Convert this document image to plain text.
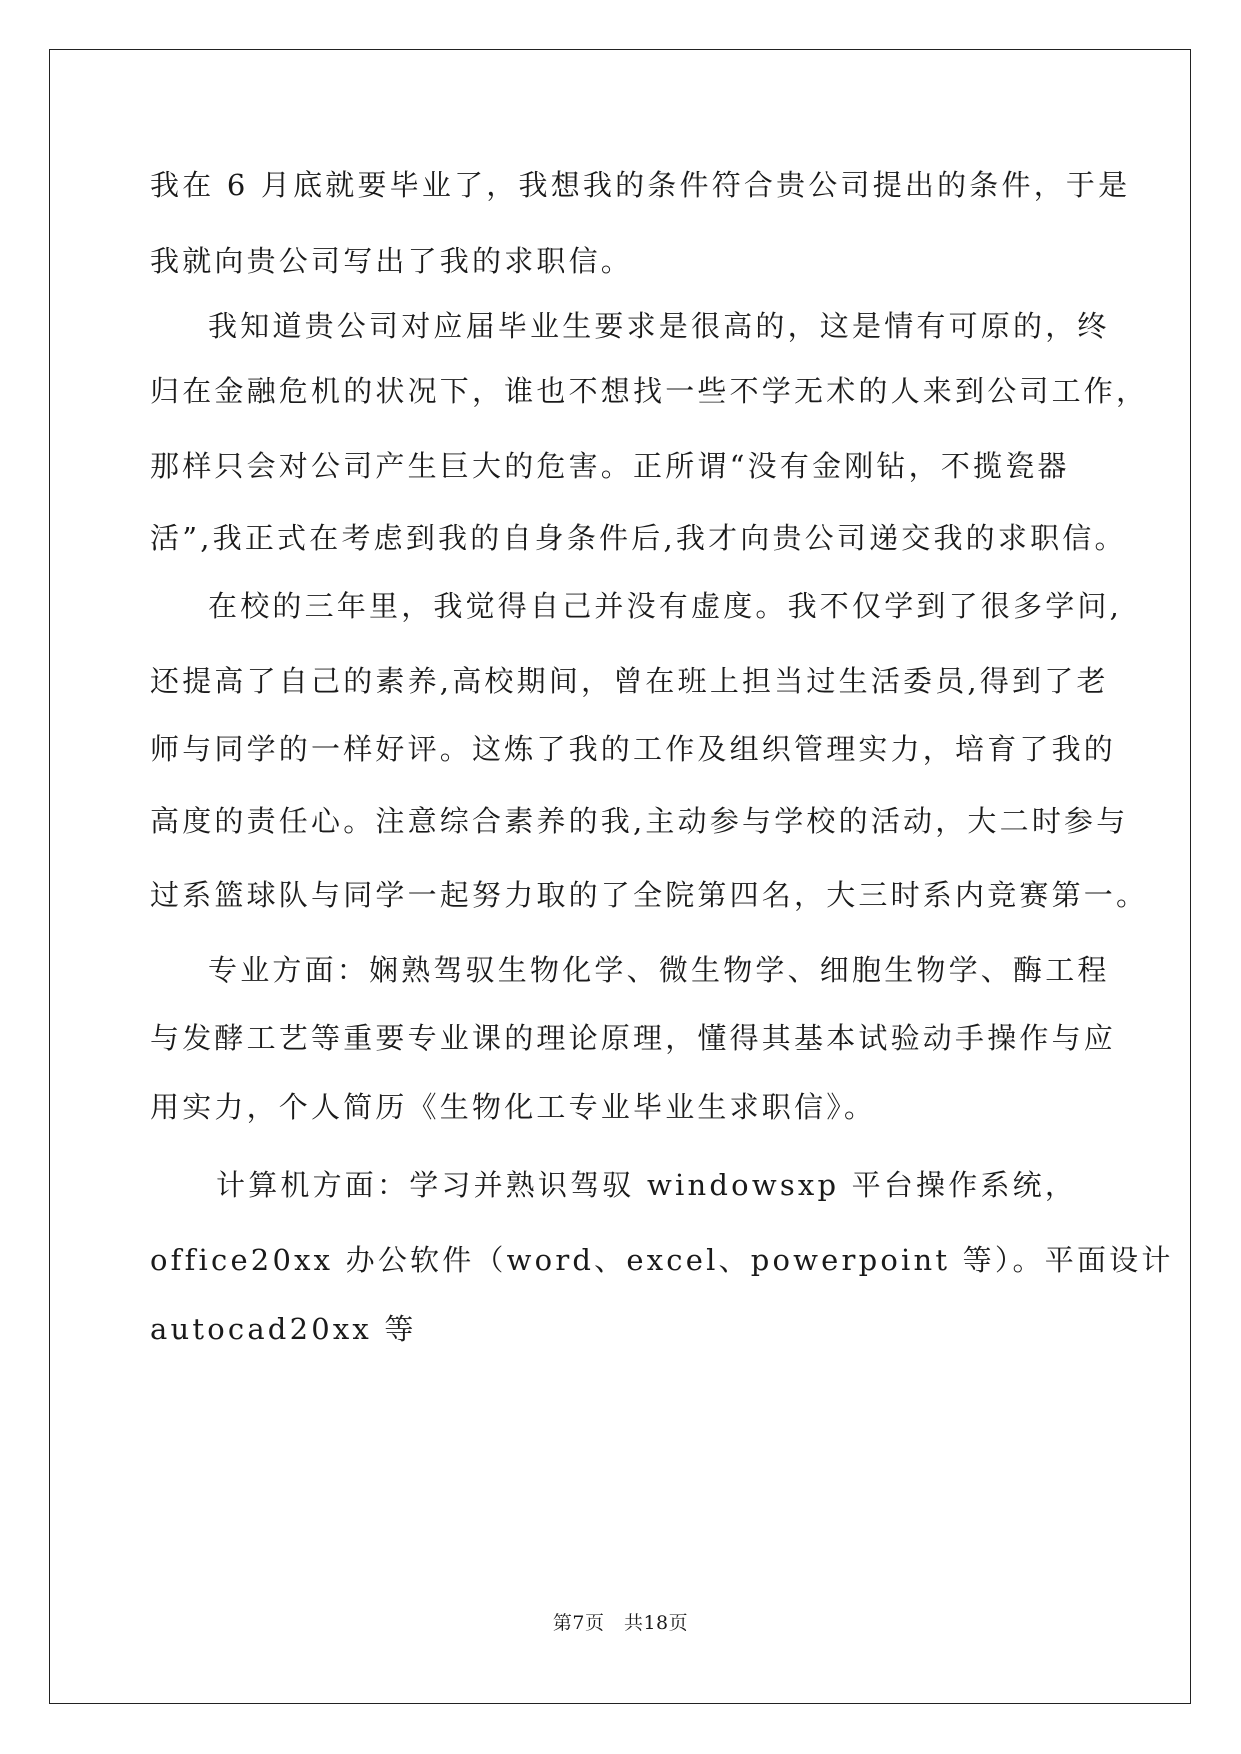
我在 6 月底就要毕业了，我想我的条件符合贵公司提出的条件，于是
我就向贵公司写出了我的求职信。
我知道贵公司对应届毕业生要求是很高的，这是情有可原的，终
归在金融危机的状况下，谁也不想找一些不学无术的人来到公司工作，
那样只会对公司产生巨大的危害。正所谓“没有金刚钻，不揽瓷器
活”,我正式在考虑到我的自身条件后,我才向贵公司递交我的求职信。
在校的三年里，我觉得自己并没有虚度。我不仅学到了很多学问,
还提高了自己的素养,高校期间，曾在班上担当过生活委员,得到了老
师与同学的一样好评。这炼了我的工作及组织管理实力，培育了我的
高度的责任心。注意综合素养的我,主动参与学校的活动，大二时参与
过系篮球队与同学一起努力取的了全院第四名，大三时系内竞赛第一。
专业方面：娴熟驾驭生物化学、微生物学、细胞生物学、酶工程
与发酵工艺等重要专业课的理论原理，懂得其基本试验动手操作与应
用实力，个人简历《生物化工专业毕业生求职信》。
计算机方面：学习并熟识驾驭 windowsxp 平台操作系统，
office20xx 办公软件（word、excel、powerpoint 等）。平面设计
autocad20xx 等
第7页　共18页
